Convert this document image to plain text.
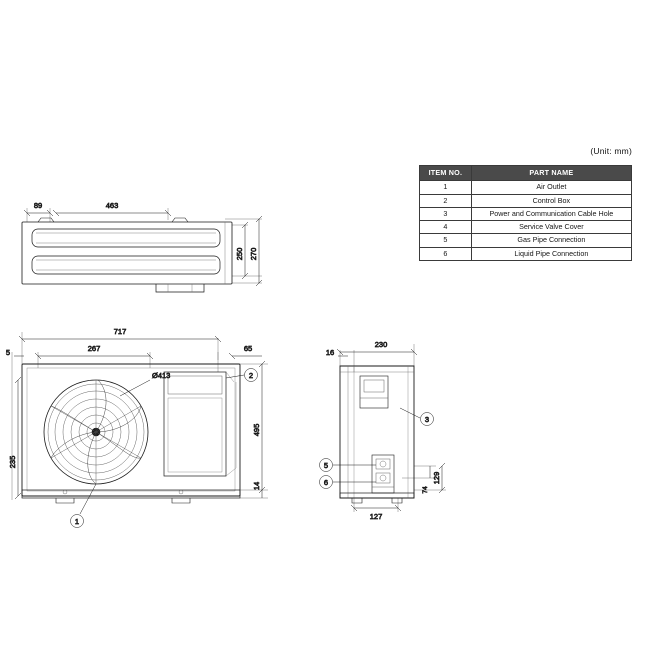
(Unit: mm)
ITEM NO.	PART NAME
1	Air Outlet
2	Control Box
3	Power and Communication Cable Hole
4	Service Valve Cover
5	Gas Pipe Connection
6	Liquid Pipe Connection
89	463
250 270
717
267
5	65
Ø413
235
495
14
1
2
230
16
127
129
74
3
5
6
